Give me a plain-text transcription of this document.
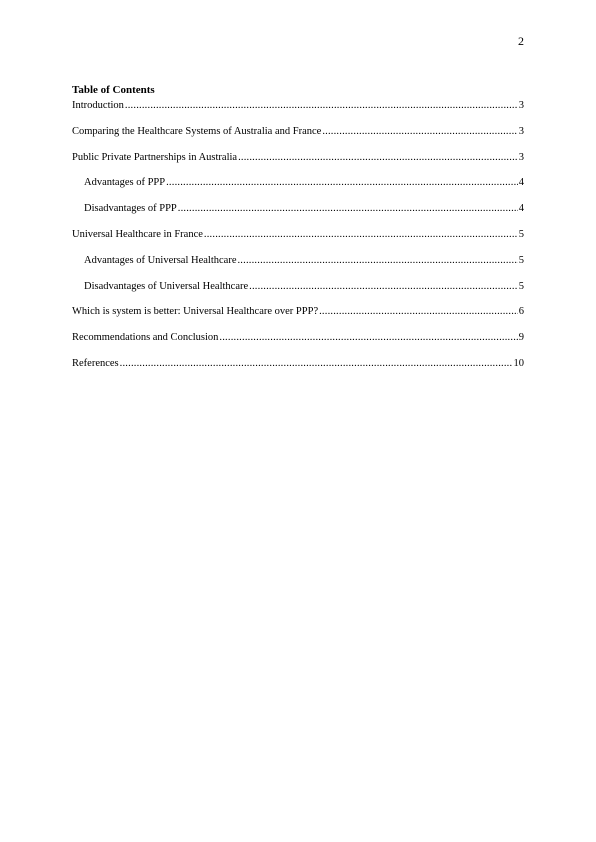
2
Table of Contents
Introduction .....	3
Comparing the Healthcare Systems of Australia and France .....	3
Public Private Partnerships in Australia .....	3
Advantages of PPP .....	4
Disadvantages of PPP .....	4
Universal Healthcare in France .....	5
Advantages of Universal Healthcare .....	5
Disadvantages of Universal Healthcare .....	5
Which is system is better: Universal Healthcare over PPP? .....	6
Recommendations and Conclusion .....	9
References .....	10
